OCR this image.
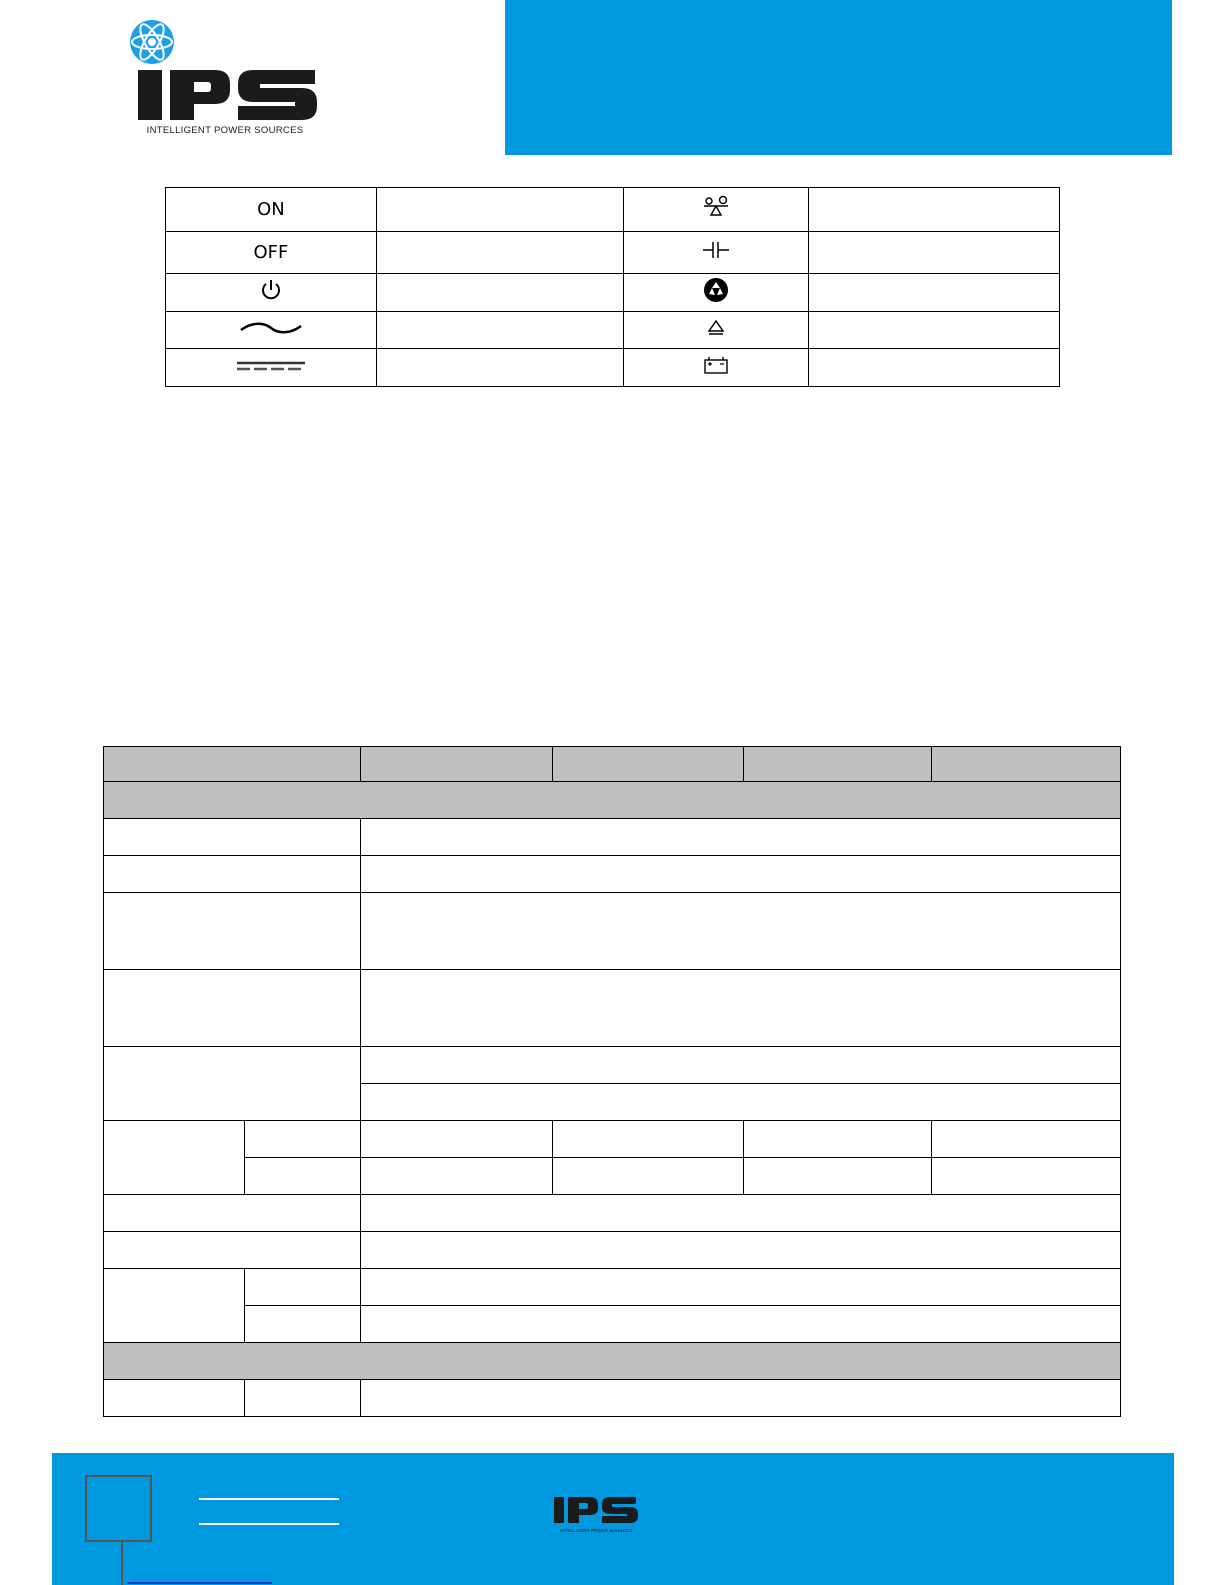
INTELLIGENT POWER SOURCES
ON			
OFF			

INTELLIGENT POWER SOURCES
